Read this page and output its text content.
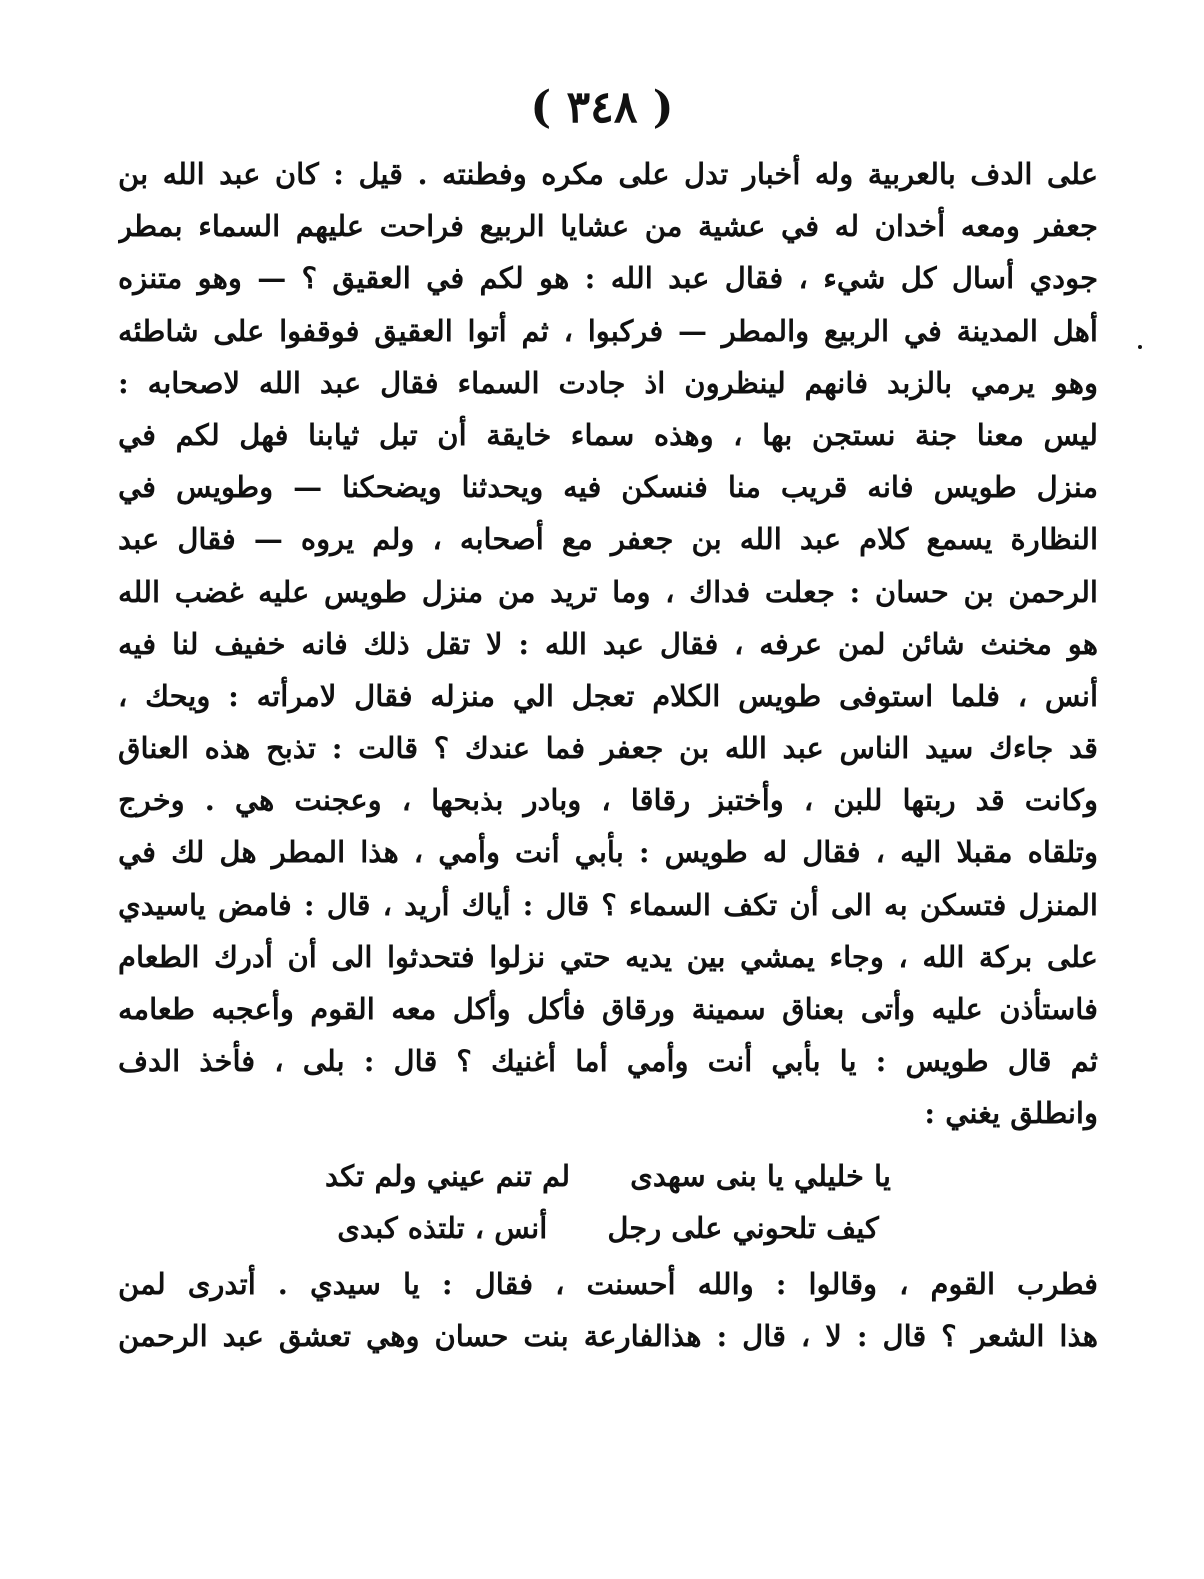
( ٣٤٨ )
على الدف بالعربية وله أخبار تدل على مكره وفطنته . قيل : كان عبد الله بن
جعفر ومعه أخدان له في عشية من عشايا الربيع فراحت عليهم السماء بمطر
جودي أسال كل شيء ، فقال عبد الله : هو لكم في العقيق ؟ — وهو متنزه
أهل المدينة في الربيع والمطر — فركبوا ، ثم أتوا العقيق فوقفوا على شاطئه
وهو يرمي بالزبد فانهم لينظرون اذ جادت السماء فقال عبد الله لاصحابه :
ليس معنا جنة نستجن بها ، وهذه سماء خايقة أن تبل ثيابنا فهل لكم في
منزل طويس فانه قريب منا فنسكن فيه ويحدثنا ويضحكنا — وطويس في
النظارة يسمع كلام عبد الله بن جعفر مع أصحابه ، ولم يروه — فقال عبد
الرحمن بن حسان : جعلت فداك ، وما تريد من منزل طويس عليه غضب الله
هو مخنث شائن لمن عرفه ، فقال عبد الله : لا تقل ذلك فانه خفيف لنا فيه
أنس ، فلما استوفى طويس الكلام تعجل الي منزله فقال لامرأته : ويحك ،
قد جاءك سيد الناس عبد الله بن جعفر فما عندك ؟ قالت : تذبح هذه العناق
وكانت قد ربتها للبن ، وأختبز رقاقا ، وبادر بذبحها ، وعجنت هي . وخرج
وتلقاه مقبلا اليه ، فقال له طويس : بأبي أنت وأمي ، هذا المطر هل لك في
المنزل فتسكن به الى أن تكف السماء ؟ قال : أياك أريد ، قال : فامض ياسيدي
على بركة الله ، وجاء يمشي بين يديه حتي نزلوا فتحدثوا الى أن أدرك الطعام
فاستأذن عليه وأتى بعناق سمينة ورقاق فأكل وأكل معه القوم وأعجبه طعامه
ثم قال طويس : يا بأبي أنت وأمي أما أغنيك ؟ قال : بلى ، فأخذ الدف
وانطلق يغني :
يا خليلي يا بنى سهدى
لم تنم عيني ولم تكد
كيف تلحوني على رجل
أنس ، تلتذه كبدى
فطرب القوم ، وقالوا : والله أحسنت ، فقال : يا سيدي . أتدرى لمن
هذا الشعر ؟ قال : لا ، قال : هذالفارعة بنت حسان وهي تعشق عبد الرحمن
